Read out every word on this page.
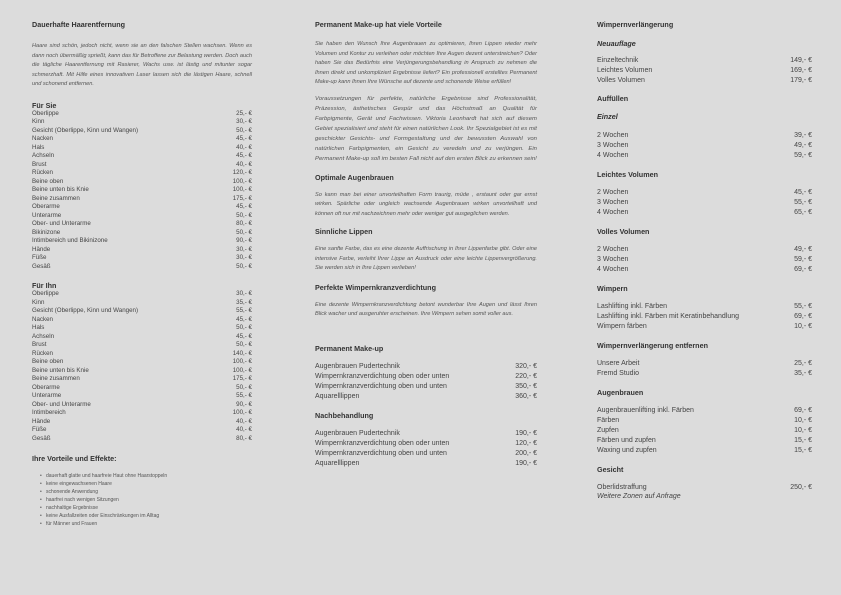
Dauerhafte Haarentfernung
Haare sind schön, jedoch nicht, wenn sie an den falschen Stellen wachsen. Wenn es dann noch übermäßig sprießt, kann das für Betroffene zur Belastung werden. Doch auch die tägliche Haarentfernung mit Rasierer, Wachs usw. ist lästig und mitunter sogar schmerzhaft. Mit Hilfe eines innovativen Laser lassen sich die lästigen Haare, schnell und schonend entfernen.
Für Sie
Oberlippe	25,- €
Kinn	30,- €
Gesicht (Oberlippe, Kinn und Wangen)	50,- €
Nacken	45,- €
Hals	40,- €
Achseln	45,- €
Brust	40,- €
Rücken	120,- €
Beine oben	100,- €
Beine unten bis Knie	100,- €
Beine zusammen	175,- €
Oberarme	45,- €
Unterarme	50,- €
Ober- und Unterarme	80,- €
Bikinizone	50,- €
Intimbereich und Bikinizone	90,- €
Hände	30,- €
Füße	30,- €
Gesäß	50,- €
Für Ihn
Oberlippe	30,- €
Kinn	35,- €
Gesicht (Oberlippe, Kinn und Wangen)	55,- €
Nacken	45,- €
Hals	50,- €
Achseln	45,- €
Brust	50,- €
Rücken	140,- €
Beine oben	100,- €
Beine unten bis Knie	100,- €
Beine zusammen	175,- €
Oberarme	50,- €
Unterarme	55,- €
Ober- und Unterarme	90,- €
Intimbereich	100,- €
Hände	40,- €
Füße	40,- €
Gesäß	80,- €
Ihre Vorteile und Effekte:
• dauerhaft glatte und haarfreie Haut ohne Haarstoppeln
• keine eingewachsenen Haare
• schonende Anwendung
• haarfrei nach wenigen Sitzungen
• nachhaltige Ergebnisse
• keine Ausfallzeiten oder Einschränkungen im Alltag
• für Männer und Frauen
Permanent Make-up hat viele Vorteile
Sie haben den Wunsch Ihre Augenbrauen zu optimieren, Ihren Lippen wieder mehr Volumen und Kontur zu verleihen oder möchten Ihre Augen dezent unterstreichen? Oder haben Sie das Bedürfnis eine Verjüngerungsbehandlung in Anspruch zu nehmen die Ihnen direkt und unkompliziert Ergebnisse liefert? Ein professionell erstelltes Permanent Make-up kann Ihnen Ihre Wünsche auf dezente und schonende Weise erfüllen!
Voraussetzungen für perfekte, natürliche Ergebnisse sind Professionalität, Präzession, ästhetisches Gespür und das Höchstmaß an Qualität für Farbpigmente, Gerät und Fachwissen. Viktoria Leonhardt hat sich auf diesem Gebiet spezialisiert und steht für einen natürlichen Look. Ihr Spezialgebiet ist es mit geschickter Gesichts- und Formgestaltung und der bewussten Auswahl von natürlichen Farbpigmenten, ein Gesicht zu veredeln und zu verjüngen. Ein Permanent Make-up soll im besten Fall nicht auf den ersten Blick zu erkennen sein!
Optimale Augenbrauen
So kann man bei einer unvorteilhaften Form traurig, müde , erstaunt oder gar ernst wirken. Spärliche oder ungleich wachsende Augenbrauen wirken unvorteilhaft und können oft nur mit nachzeichnen mehr oder weniger gut ausgeglichen werden.
Sinnliche Lippen
Eine sanfte Farbe, das es eine dezente Auffrischung in Ihrer Lippenfarbe gibt. Oder eine intensive Farbe, verleiht Ihrer Lippe an Ausdruck oder eine leichte Lippenvergrößerung. Sie werden sich in Ihre Lippen verlieben!
Perfekte Wimpernkranzverdichtung
Eine dezente Wimpernkranzverdichtung betont wunderbar Ihre Augen und lässt Ihren Blick wacher und ausgeruhter erscheinen. Ihre Wimpern sehen somit voller aus.
Permanent Make-up
Augenbrauen Pudertechnik	320,- €
Wimpernkranzverdichtung oben oder unten	220,- €
Wimpernkranzverdichtung oben und unten	350,- €
Aquarelllippen	360,- €
Nachbehandlung
Augenbrauen Pudertechnik	190,- €
Wimpernkranzverdichtung oben oder unten	120,- €
Wimpernkranzverdichtung oben und unten	200,- €
Aquarelllippen	190,- €
Wimpernverlängerung
Neuauflage
Einzeltechnik	149,- €
Leichtes Volumen	169,- €
Volles Volumen	179,- €
Auffüllen
Einzel
2 Wochen	39,- €
3 Wochen	49,- €
4 Wochen	59,- €
Leichtes Volumen
2 Wochen	45,- €
3 Wochen	55,- €
4 Wochen	65,- €
Volles Volumen
2 Wochen	49,- €
3 Wochen	59,- €
4 Wochen	69,- €
Wimpern
Lashlifting inkl. Färben	55,- €
Lashlifting inkl. Färben mit Keratinbehandlung	69,- €
Wimpern färben	10,- €
Wimpernverlängerung entfernen
Unsere Arbeit	25,- €
Fremd Studio	35,- €
Augenbrauen
Augenbrauenlifting inkl. Färben	69,- €
Färben	10,- €
Zupfen	10,- €
Färben und zupfen	15,- €
Waxing und zupfen	15,- €
Gesicht
Oberlidstraffung	250,- €
Weitere Zonen auf Anfrage
